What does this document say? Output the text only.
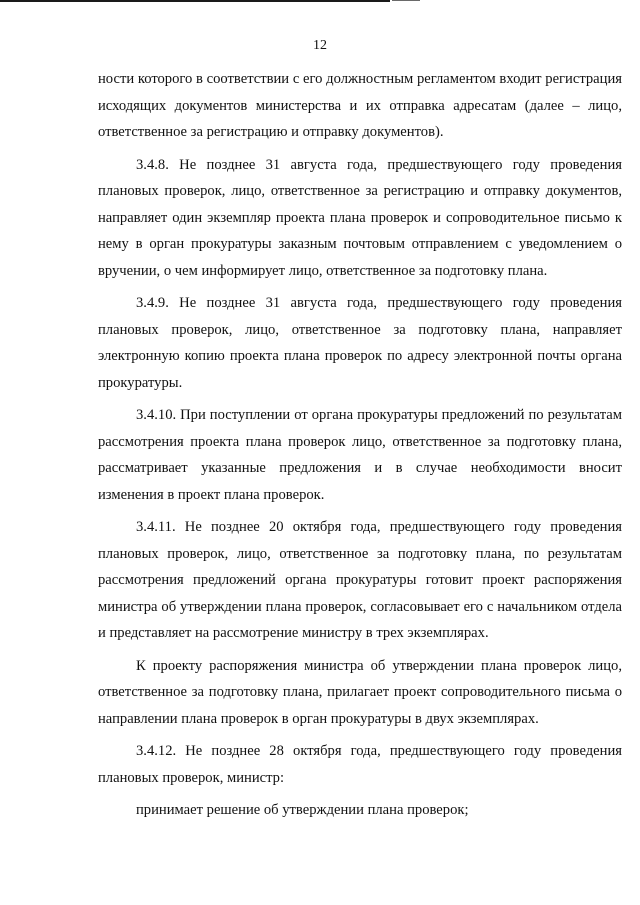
12

ности которого в соответствии с его должностным регламентом входит регистрация исходящих документов министерства и их отправка адресатам (далее – лицо, ответственное за регистрацию и отправку документов).

3.4.8. Не позднее 31 августа года, предшествующего году проведения плановых проверок, лицо, ответственное за регистрацию и отправку документов, направляет один экземпляр проекта плана проверок и сопроводительное письмо к нему в орган прокуратуры заказным почтовым отправлением с уведомлением о вручении, о чем информирует лицо, ответственное за подготовку плана.

3.4.9. Не позднее 31 августа года, предшествующего году проведения плановых проверок, лицо, ответственное за подготовку плана, направляет электронную копию проекта плана проверок по адресу электронной почты органа прокуратуры.

3.4.10. При поступлении от органа прокуратуры предложений по результатам рассмотрения проекта плана проверок лицо, ответственное за подготовку плана, рассматривает указанные предложения и в случае необходимости вносит изменения в проект плана проверок.

3.4.11. Не позднее 20 октября года, предшествующего году проведения плановых проверок, лицо, ответственное за подготовку плана, по результатам рассмотрения предложений органа прокуратуры готовит проект распоряжения министра об утверждении плана проверок, согласовывает его с начальником отдела и представляет на рассмотрение министру в трех экземплярах.

К проекту распоряжения министра об утверждении плана проверок лицо, ответственное за подготовку плана, прилагает проект сопроводительного письма о направлении плана проверок в орган прокуратуры в двух экземплярах.

3.4.12. Не позднее 28 октября года, предшествующего году проведения плановых проверок, министр:

принимает решение об утверждении плана проверок;
